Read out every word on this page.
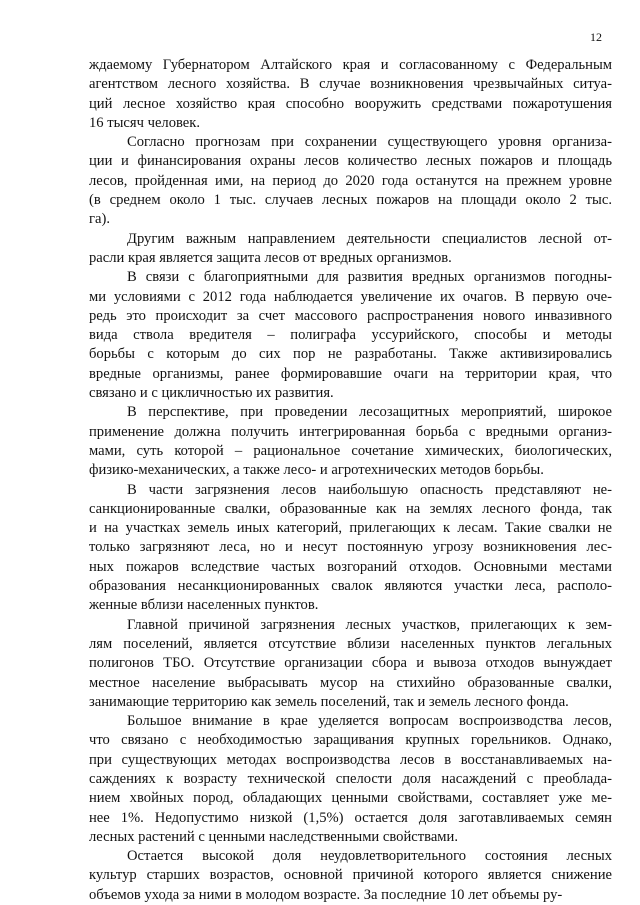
12
ждаемому Губернатором Алтайского края и согласованному с Федеральным
агентством лесного хозяйства. В случае возникновения чрезвычайных ситуа-
ций лесное хозяйство края способно вооружить средствами пожаротушения
16 тысяч человек.
Согласно прогнозам при сохранении существующего уровня организа-
ции и финансирования охраны лесов количество лесных пожаров и площадь
лесов, пройденная ими, на период до 2020 года останутся на прежнем уровне
(в среднем около 1 тыс. случаев лесных пожаров на площади около 2 тыс.
га).
Другим важным направлением деятельности специалистов лесной от-
расли края является защита лесов от вредных организмов.
В связи с благоприятными для развития вредных организмов погодны-
ми условиями с 2012 года наблюдается увеличение их очагов. В первую оче-
редь это происходит за счет массового распространения нового инвазивного
вида ствола вредителя – полиграфа уссурийского, способы и методы
борьбы с которым до сих пор не разработаны. Также активизировались
вредные организмы, ранее формировавшие очаги на территории края, что
связано и с цикличностью их развития.
В перспективе, при проведении лесозащитных мероприятий, широкое
применение должна получить интегрированная борьба с вредными организ-
мами, суть которой – рациональное сочетание химических, биологических,
физико-механических, а также лесо- и агротехнических методов борьбы.
В части загрязнения лесов наибольшую опасность представляют не-
санкционированные свалки, образованные как на землях лесного фонда, так
и на участках земель иных категорий, прилегающих к лесам. Такие свалки не
только загрязняют леса, но и несут постоянную угрозу возникновения лес-
ных пожаров вследствие частых возгораний отходов. Основными местами
образования несанкционированных свалок являются участки леса, располо-
женные вблизи населенных пунктов.
Главной причиной загрязнения лесных участков, прилегающих к зем-
лям поселений, является отсутствие вблизи населенных пунктов легальных
полигонов ТБО. Отсутствие организации сбора и вывоза отходов вынуждает
местное население выбрасывать мусор на стихийно образованные свалки,
занимающие территорию как земель поселений, так и земель лесного фонда.
Большое внимание в крае уделяется вопросам воспроизводства лесов,
что связано с необходимостью заращивания крупных горельников. Однако,
при существующих методах воспроизводства лесов в восстанавливаемых на-
саждениях к возрасту технической спелости доля насаждений с преоблада-
нием хвойных пород, обладающих ценными свойствами, составляет уже ме-
нее 1%. Недопустимо низкой (1,5%) остается доля заготавливаемых семян
лесных растений с ценными наследственными свойствами.
Остается высокой доля неудовлетворительного состояния лесных
культур старших возрастов, основной причиной которого является снижение
объемов ухода за ними в молодом возрасте. За последние 10 лет объемы ру-
